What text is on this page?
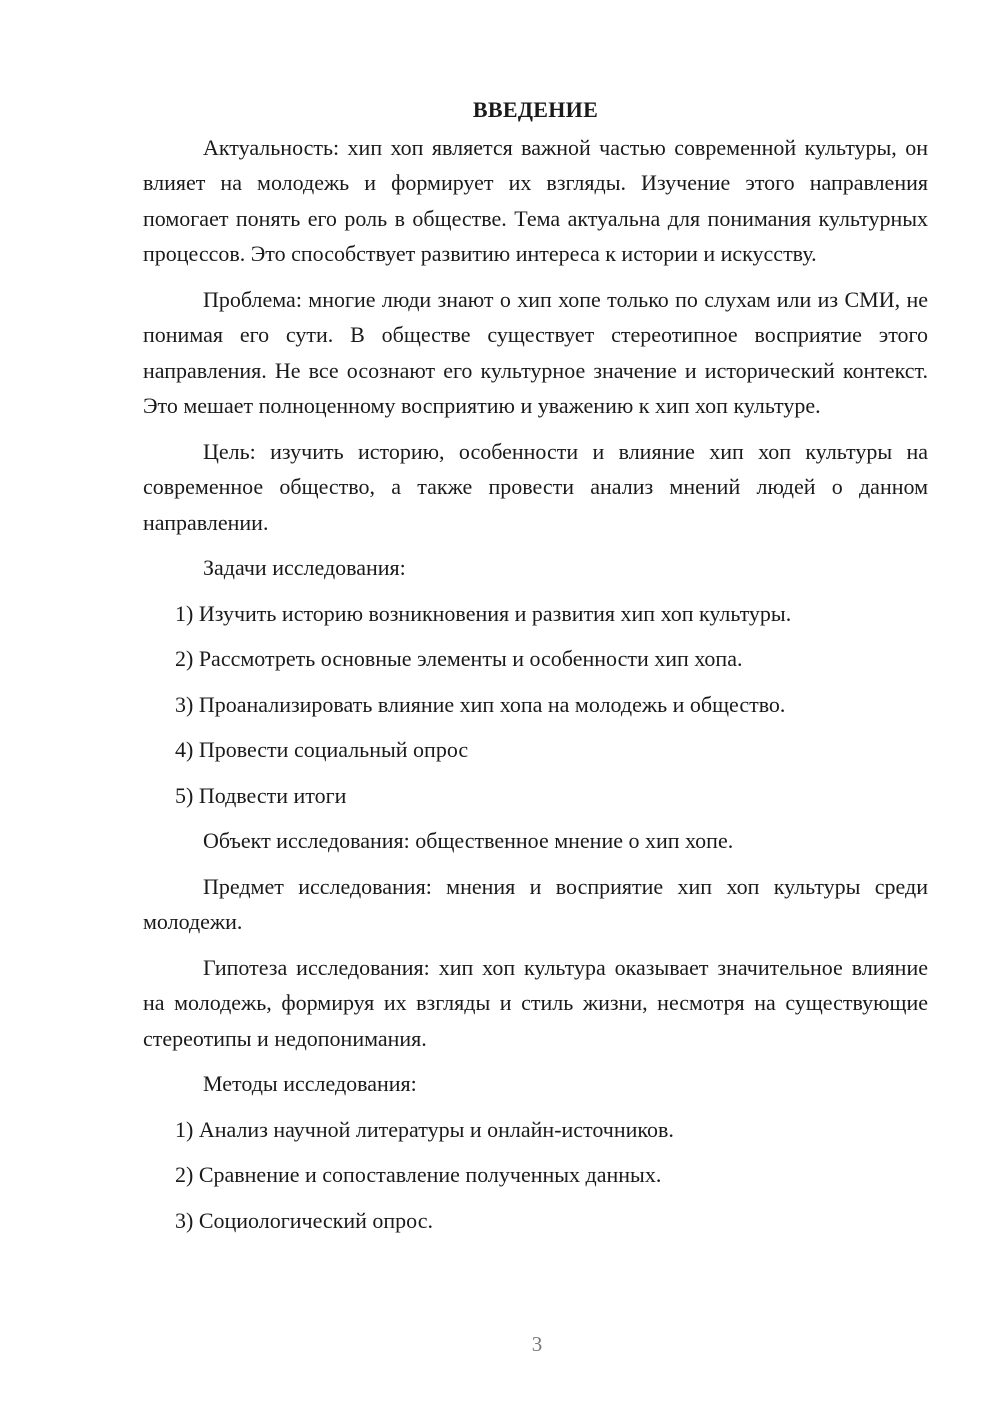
ВВЕДЕНИЕ

Актуальность: хип хоп является важной частью современной культуры, он влияет на молодежь и формирует их взгляды. Изучение этого направления помогает понять его роль в обществе. Тема актуальна для понимания культурных процессов. Это способствует развитию интереса к истории и искусству.

Проблема: многие люди знают о хип хопе только по слухам или из СМИ, не понимая его сути. В обществе существует стереотипное восприятие этого направления. Не все осознают его культурное значение и исторический контекст. Это мешает полноценному восприятию и уважению к хип хоп культуре.

Цель: изучить историю, особенности и влияние хип хоп культуры на современное общество, а также провести анализ мнений людей о данном направлении.

Задачи исследования:

1) Изучить историю возникновения и развития хип хоп культуры.

2) Рассмотреть основные элементы и особенности хип хопа.

3) Проанализировать влияние хип хопа на молодежь и общество.

4) Провести социальный опрос

5) Подвести итоги

Объект исследования: общественное мнение о хип хопе.

Предмет исследования: мнения и восприятие хип хоп культуры среди молодежи.

Гипотеза исследования: хип хоп культура оказывает значительное влияние на молодежь, формируя их взгляды и стиль жизни, несмотря на существующие стереотипы и недопонимания.

Методы исследования:

1) Анализ научной литературы и онлайн-источников.

2) Сравнение и сопоставление полученных данных.

3) Социологический опрос.

3
